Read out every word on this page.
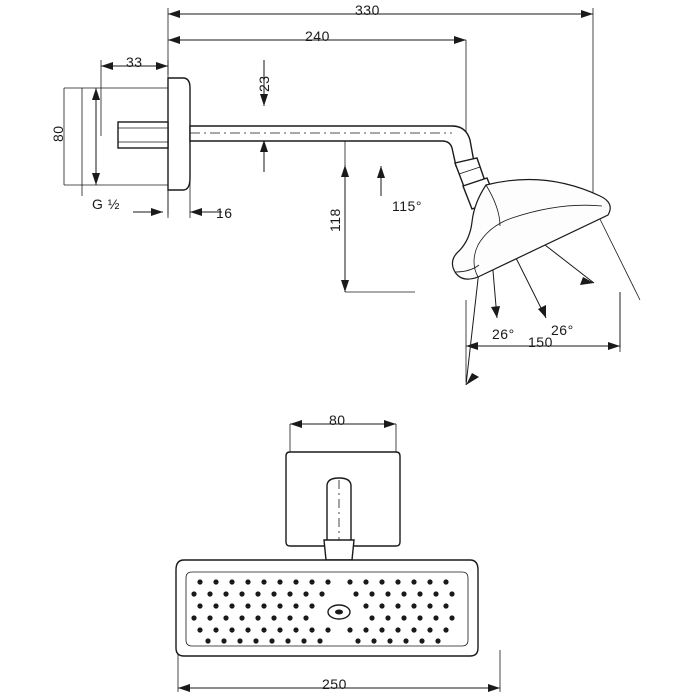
330
240
33
23
80
G ½
16	118
115°
26°	26°
150
80
250
